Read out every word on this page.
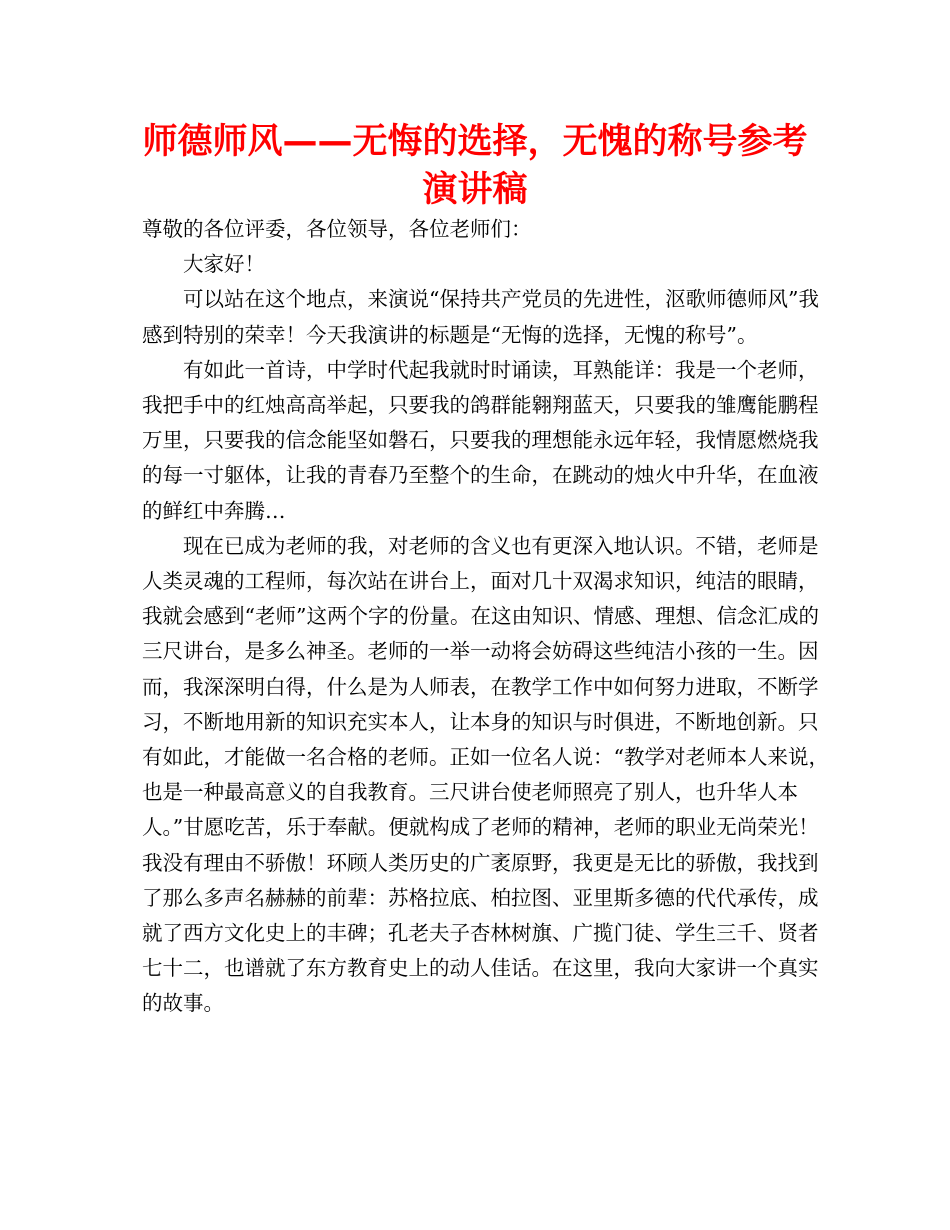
师德师风——无悔的选择，无愧的称号参考演讲稿

尊敬的各位评委，各位领导，各位老师们：

大家好！

可以站在这个地点，来演说“保持共产党员的先进性，沤歌师德师风”我感到特别的荣幸！今天我演讲的标题是“无悔的选择，无愧的称号”。

有如此一首诗，中学时代起我就时时诵读，耳熟能详：我是一个老师，我把手中的红烛高高举起，只要我的鸽群能翱翔蓝天，只要我的雏鹰能鹏程万里，只要我的信念能坚如磐石，只要我的理想能永远年轻，我情愿燃烧我的每一寸躯体，让我的青春乃至整个的生命，在跳动的烛火中升华，在血液的鲜红中奔腾…

现在已成为老师的我，对老师的含义也有更深入地认识。不错，老师是人类灵魂的工程师，每次站在讲台上，面对几十双渴求知识，纯洁的眼睛，我就会感到“老师”这两个字的份量。在这由知识、情感、理想、信念汇成的三尺讲台，是多么神圣。老师的一举一动将会妨碍这些纯洁小孩的一生。因而，我深深明白得，什么是为人师表，在教学工作中如何努力进取，不断学习，不断地用新的知识充实本人，让本身的知识与时俱进，不断地创新。只有如此，才能做一名合格的老师。正如一位名人说：“教学对老师本人来说，也是一种最高意义的自我教育。三尺讲台使老师照亮了别人，也升华人本人。”甘愿吃苦，乐于奉献。便就构成了老师的精神，老师的职业无尚荣光！我没有理由不骄傲！环顾人类历史的广袤原野，我更是无比的骄傲，我找到了那么多声名赫赫的前辈：苏格拉底、柏拉图、亚里斯多德的代代承传，成就了西方文化史上的丰碑；孔老夫子杏林树旗、广揽门徒、学生三千、贤者七十二，也谱就了东方教育史上的动人佳话。在这里，我向大家讲一个真实的故事。
